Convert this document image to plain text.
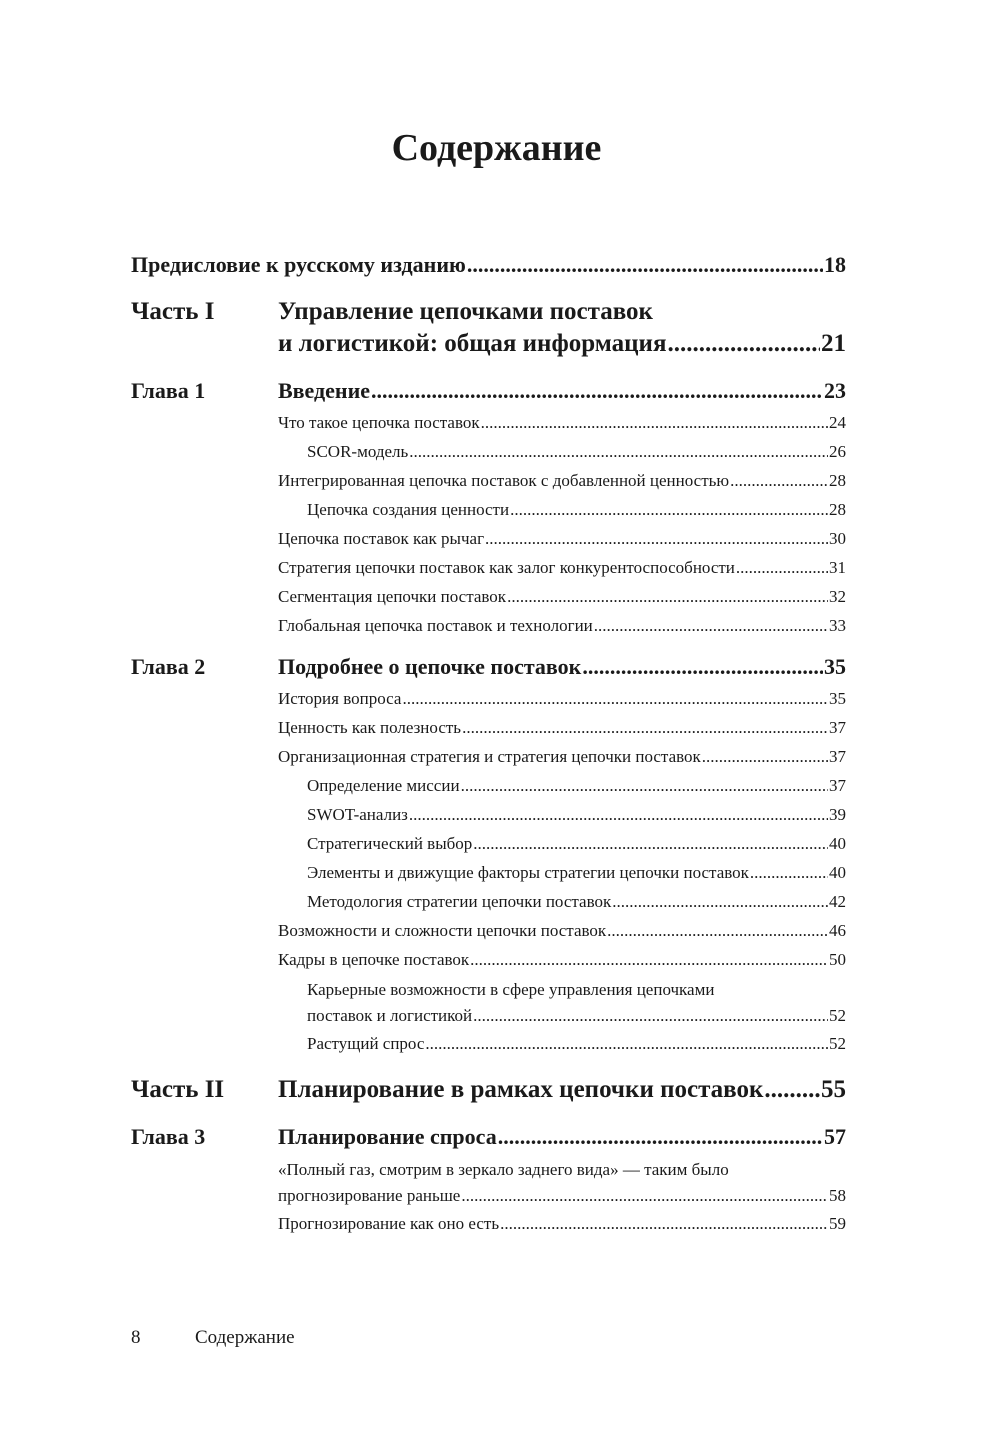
Содержание
Предисловие к русскому изданию .....	18
Часть I	Управление цепочками поставок
и логистикой: общая информация .....	21
Глава 1	Введение .....	23
Что такое цепочка поставок .....	24
SCOR-модель .....	26
Интегрированная цепочка поставок с добавленной ценностью .....	28
Цепочка создания ценности .....	28
Цепочка поставок как рычаг .....	30
Стратегия цепочки поставок как залог конкурентоспособности .....	31
Сегментация цепочки поставок .....	32
Глобальная цепочка поставок и технологии .....	33
Глава 2	Подробнее о цепочке поставок .....	35
История вопроса .....	35
Ценность как полезность .....	37
Организационная стратегия и стратегия цепочки поставок .....	37
Определение миссии .....	37
SWOT-анализ .....	39
Стратегический выбор .....	40
Элементы и движущие факторы стратегии цепочки поставок .....	40
Методология стратегии цепочки поставок .....	42
Возможности и сложности цепочки поставок .....	46
Кадры в цепочке поставок .....	50
Карьерные возможности в сфере управления цепочками
поставок и логистикой .....	52
Растущий спрос .....	52
Часть II	Планирование в рамках цепочки поставок ..... 55
Глава 3	Планирование спроса .....	57
«Полный газ, смотрим в зеркало заднего вида» — таким было
прогнозирование раньше .....	58
Прогнозирование как оно есть .....	59
8	Содержание
